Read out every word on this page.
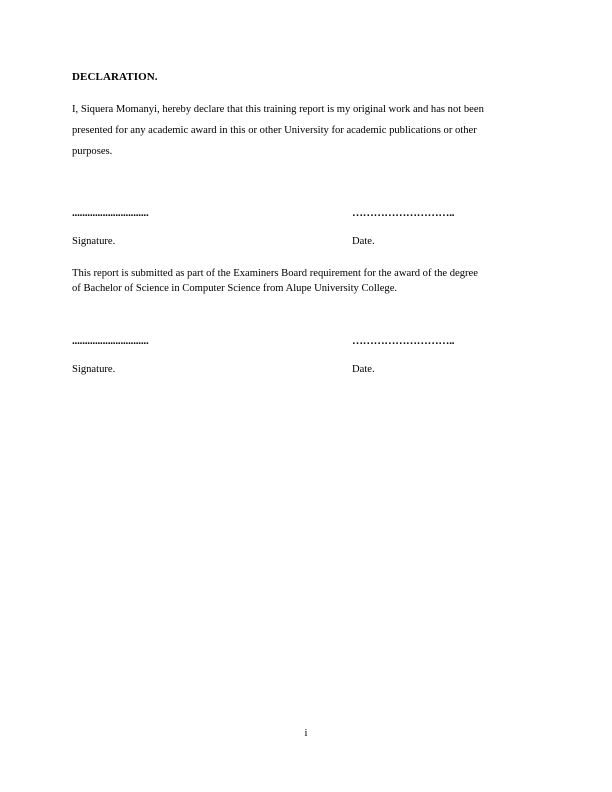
DECLARATION.
I, Siquera Momanyi, hereby declare that this training report is my original work and has not been
presented for any academic award in this or other University for academic publications or other
purposes.
..............................	………………………..
Signature.	Date.
This report is submitted as part of the Examiners Board requirement for the award of the degree
of Bachelor of Science in Computer Science from Alupe University College.
..............................	………………………..
Signature.	Date.
i
